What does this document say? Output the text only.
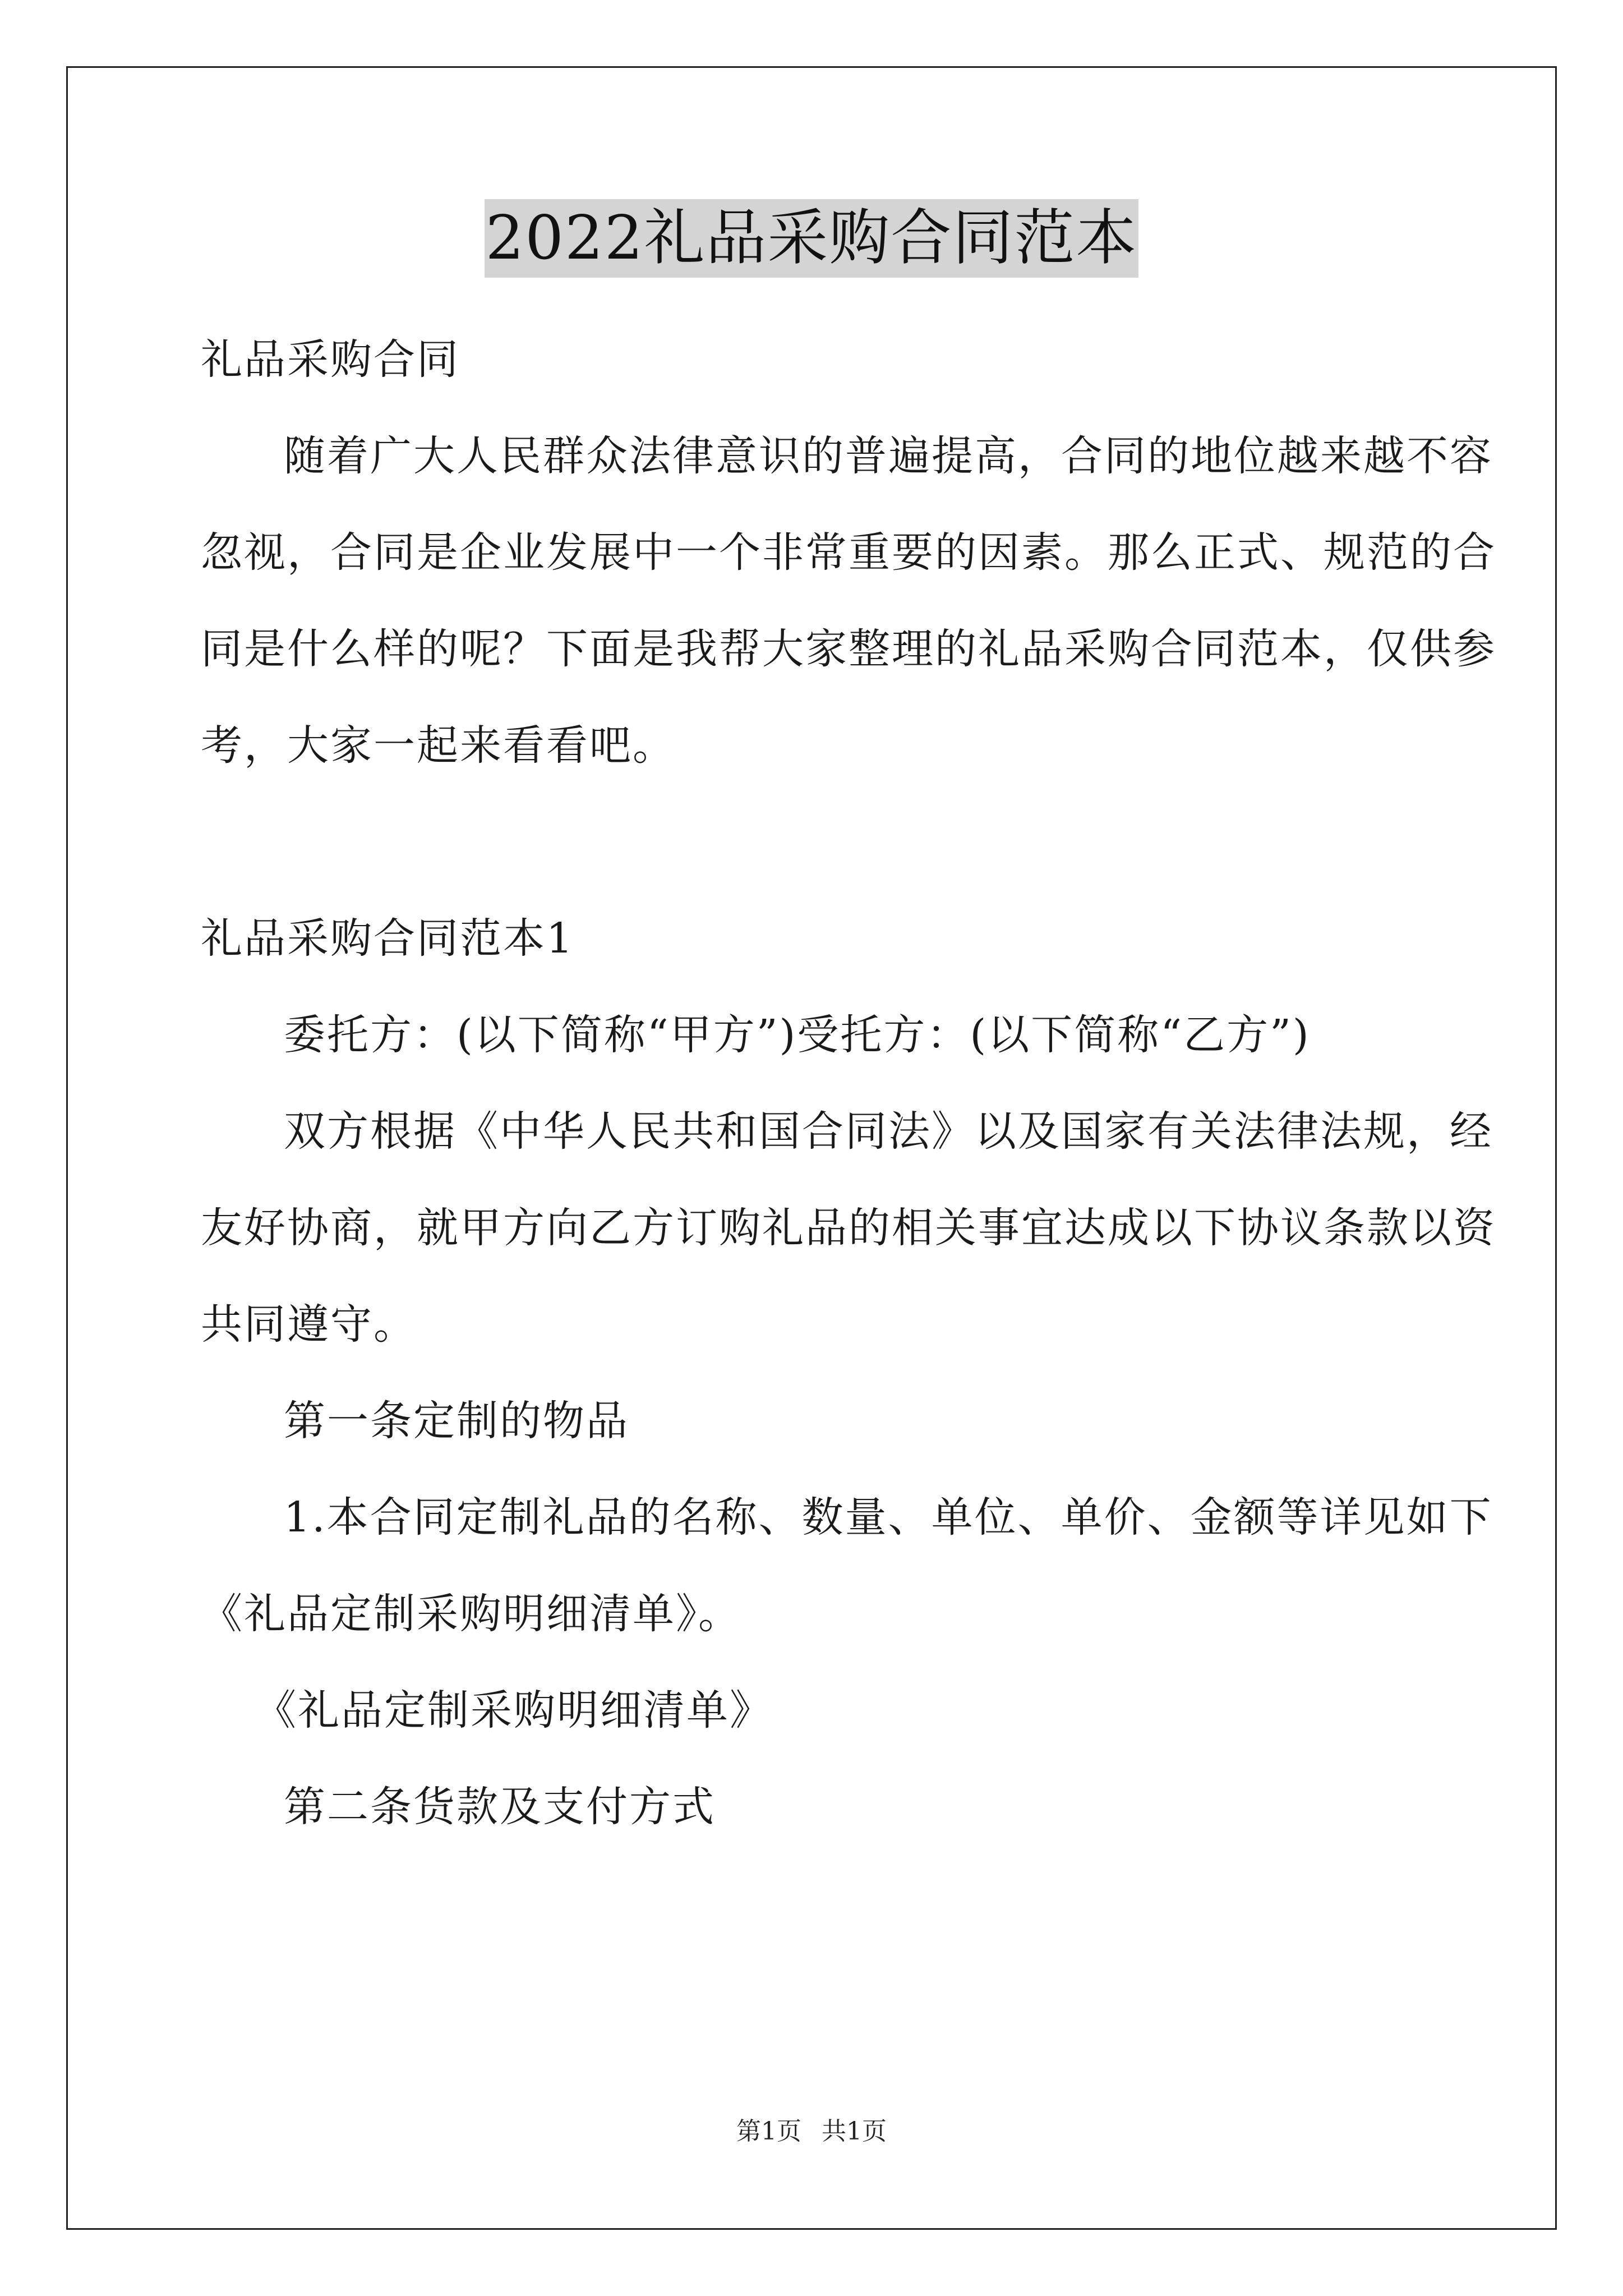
2022礼品采购合同范本
礼品采购合同
随着广大人民群众法律意识的普遍提高，合同的地位越来越不容
忽视，合同是企业发展中一个非常重要的因素。那么正式、规范的合
同是什么样的呢？下面是我帮大家整理的礼品采购合同范本，仅供参
考，大家一起来看看吧。
礼品采购合同范本1
委托方：(以下简称“甲方”)受托方：(以下简称“乙方”)
双方根据《中华人民共和国合同法》以及国家有关法律法规，经
友好协商，就甲方向乙方订购礼品的相关事宜达成以下协议条款以资
共同遵守。
第一条定制的物品
1.本合同定制礼品的名称、数量、单位、单价、金额等详见如下
《礼品定制采购明细清单》。
《礼品定制采购明细清单》
第二条货款及支付方式
第1页 共1页
